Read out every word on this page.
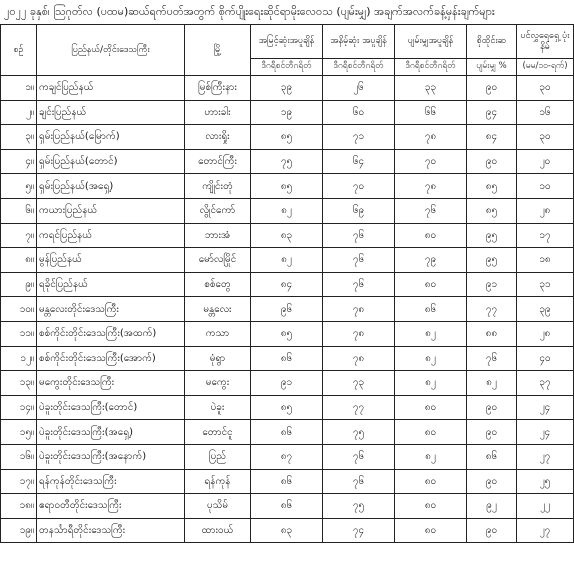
၂၀၂၂ ခုနှစ်၊ ဩဂုတ်လ (ပထမ)ဆယ်ရက်ပတ်အတွက် စိုက်ပျိုးရေးဆိုင်ရာမိုးလေဝသ (ပျမ်းမျှ) အချက်အလက်ခန့်မှန်းချက်များ
စဉ်	ပြည်နယ်/တိုင်းဒေသကြီး	မြို့	အမြင့်ဆုံးအပူချိန်	အနိမ့်ဆုံး အပူချိန်	ပျမ်းမျှအပူချိန်	စိုထိုင်းဆ	ပင်လွှရေရှေ့ ပုံးနိမ်
			ဒီဂရီစင်တီဂရိတ်	ဒီဂရီစင်တီဂရိတ်	ဒီဂရီစင်တီဂရိတ်	ပျမ်းမျှ %	(မမ/၁၀-ရက်)
၁။	ကချင်ပြည်နယ်	မြစ်ကြီးနား	၃၉	၂၆	၃၃	၉၀	၃၀
၂။	ချင်းပြည်နယ်	ဟားခါး	၁၉	၆၀	၆၆	၉၄	၁၆
၃။	ရှမ်းပြည်နယ်(မြောက်)	လားရှိုး	၈၅	၇၁	၇၈	၈၄	၃၀
၄။	ရှမ်းပြည်နယ်(တောင်)	တောင်ကြီး	၇၅	၆၄	၇၀	၉၀	၂၀
၅။	ရှမ်းပြည်နယ်(အရှေ့)	ကျိုင်းတုံ	၈၅	၇၀	၇၈	၈၅	၁၀
၆။	ကယားပြည်နယ်	လွိုင်ကော်	၈၂	၆၉	၇၆	၈၅	၂၈
၇။	ကရင်ပြည်နယ်	ဘားအံ	၈၃	၇၆	၈၀	၉၅	၁၇
၈။	မွန်ပြည်နယ်	မော်လမြိုင်	၈၂	၇၆	၇၉	၉၅	၁၈
၉။	ရခိုင်ပြည်နယ်	စစ်တွေ	၈၄	၇၆	၈၀	၉၁	၃၁
၁၀။	မန္တလေးတိုင်းဒေသကြီး	မန္တလေး	၉၆	၇၈	၈၆	၇၇	၃၉
၁၁။	စစ်ကိုင်းတိုင်းဒေသကြီး(အထက်)	ကသာ	၈၅	၇၈	၈၂	၈၈	၂၈
၁၂။	စစ်ကိုင်းတိုင်းဒေသကြီး(အောက်)	မုံရွာ	၈၆	၇၈	၈၂	၇၆	၄၀
၁၃။	မကွေးတိုင်းဒေသကြီး	မကွေး	၉၁	၇၃	၈၂	၈၂	၃၇
၁၄။	ပဲခူးတိုင်းဒေသကြီး(တောင်)	ပဲခူး	၈၅	၇၇	၈၀	၉၀	၂၄
၁၅။	ပဲခူးတိုင်းဒေသကြီး(အရှေ့)	တောင်ငူ	၈၆	၇၅	၈၀	၉၀	၂၄
၁၆။	ပဲခူးတိုင်းဒေသကြီး(အနောက်)	ပြည်	၈၇	၇၆	၈၂	၈၆	၂၇
၁၇။	ရန်ကုန်တိုင်းဒေသကြီး	ရန်ကုန်	၈၆	၇၆	၈၀	၉၀	၂၅
၁၈။	ဧရာဝတီတိုင်းဒေသကြီး	ပုသိမ်	၈၆	၇၅	၈၀	၉၂	၂၂
၁၉။	တနင်္သာရီတိုင်းဒေသကြီး	ထားဝယ်	၈၃	၇၄	၈၀	၉၀	၂၇
